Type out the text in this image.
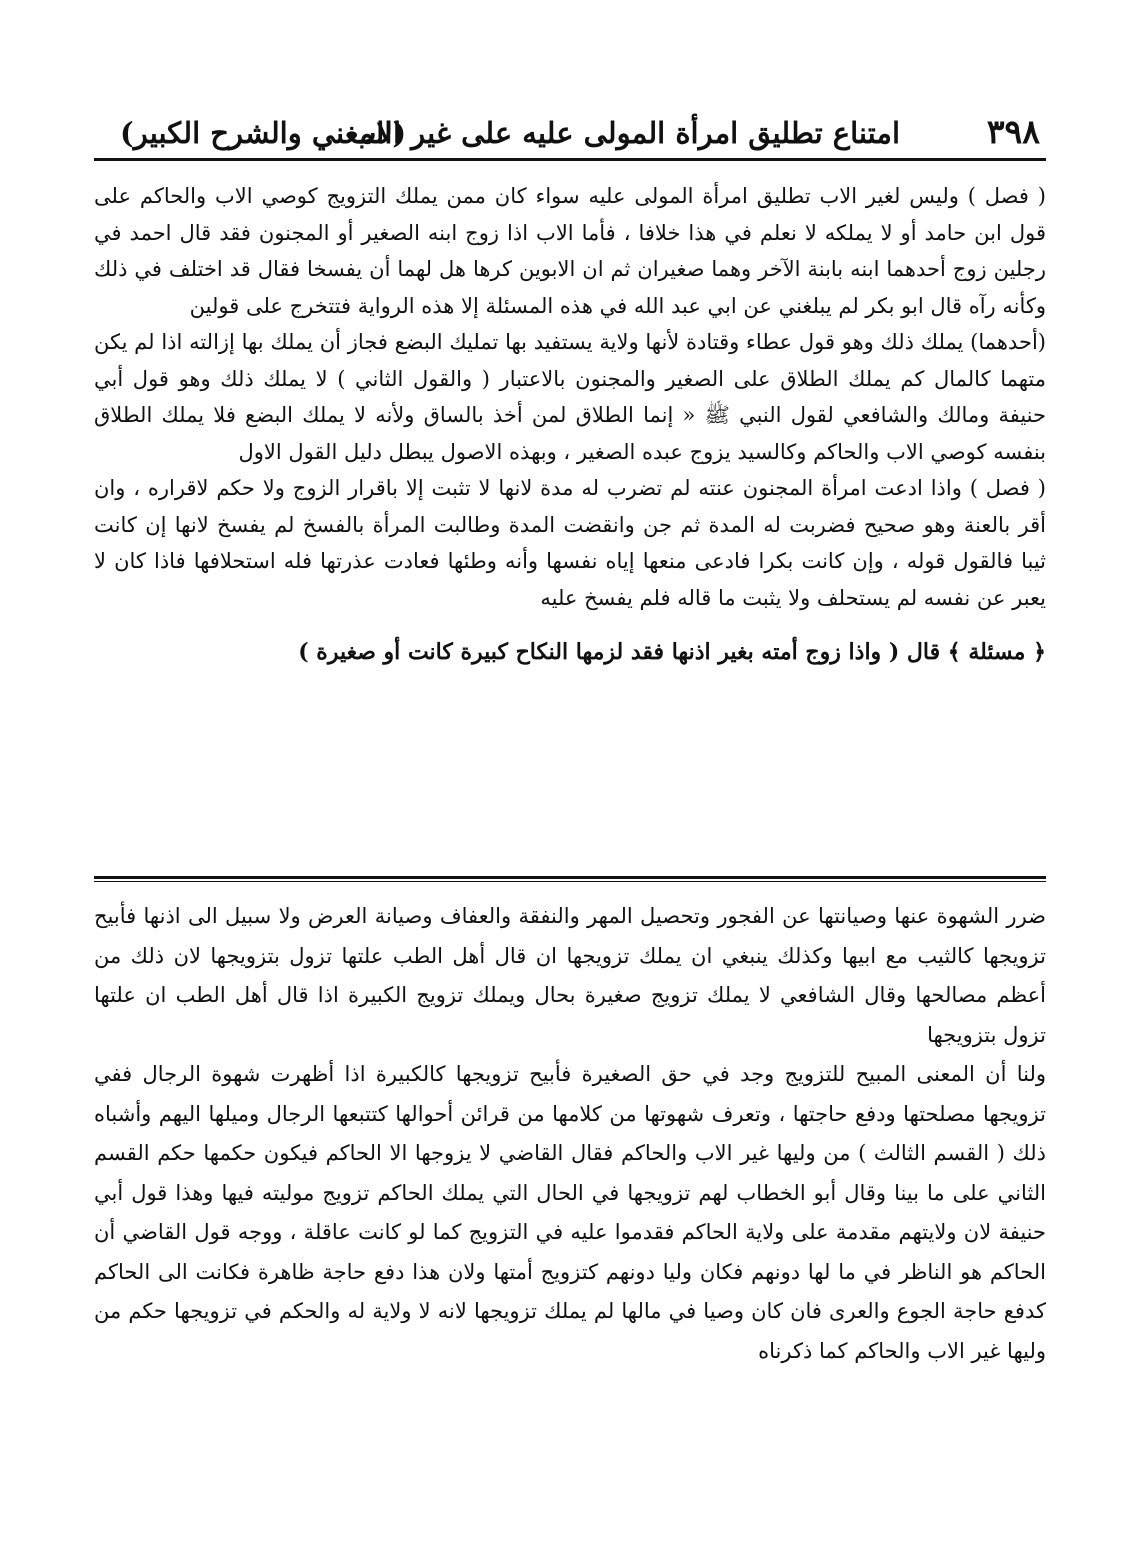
٣٩٨
امتناع تطليق امرأة المولى عليه على غير الاب
(المغني والشرح الكبير)

( فصل ) وليس لغير الاب تطليق امرأة المولى عليه سواء كان ممن يملك التزويج كوصي الاب والحاكم على قول ابن حامد أو لا يملكه لا نعلم في هذا خلافا ، فأما الاب اذا زوج ابنه الصغير أو المجنون فقد قال احمد في رجلين زوج أحدهما ابنه بابنة الآخر وهما صغيران ثم ان الابوين كرها هل لهما أن يفسخا فقال قد اختلف في ذلك وكأنه رآه قال ابو بكر لم يبلغني عن ابي عبد الله في هذه المسئلة إلا هذه الرواية فتتخرج على قولين

(أحدهما) يملك ذلك وهو قول عطاء وقتادة لأنها ولاية يستفيد بها تمليك البضع فجاز أن يملك بها إزالته اذا لم يكن متهما كالمال كم يملك الطلاق على الصغير والمجنون بالاعتبار ( والقول الثاني ) لا يملك ذلك وهو قول أبي حنيفة ومالك والشافعي لقول النبي ﷺ « إنما الطلاق لمن أخذ بالساق ولأنه لا يملك البضع فلا يملك الطلاق بنفسه كوصي الاب والحاكم وكالسيد يزوج عبده الصغير ، وبهذه الاصول يبطل دليل القول الاول

( فصل ) واذا ادعت امرأة المجنون عنته لم تضرب له مدة لانها لا تثبت إلا باقرار الزوج ولا حكم لاقراره ، وان أقر بالعنة وهو صحيح فضربت له المدة ثم جن وانقضت المدة وطالبت المرأة بالفسخ لم يفسخ لانها إن كانت ثيبا فالقول قوله ، وإن كانت بكرا فادعى منعها إياه نفسها وأنه وطئها فعادت عذرتها فله استحلافها فاذا كان لا يعبر عن نفسه لم يستحلف ولا يثبت ما قاله فلم يفسخ عليه

﴿ مسئلة ﴾ قال ( واذا زوج أمته بغير اذنها فقد لزمها النكاح كبيرة كانت أو صغيرة )

ضرر الشهوة عنها وصيانتها عن الفجور وتحصيل المهر والنفقة والعفاف وصيانة العرض ولا سبيل الى اذنها فأبيح تزويجها كالثيب مع ابيها وكذلك ينبغي ان يملك تزويجها ان قال أهل الطب علتها تزول بتزويجها لان ذلك من أعظم مصالحها وقال الشافعي لا يملك تزويج صغيرة بحال ويملك تزويج الكبيرة اذا قال أهل الطب ان علتها تزول بتزويجها

ولنا أن المعنى المبيح للتزويج وجد في حق الصغيرة فأبيح تزويجها كالكبيرة اذا أظهرت شهوة الرجال ففي تزويجها مصلحتها ودفع حاجتها ، وتعرف شهوتها من كلامها من قرائن أحوالها كتتبعها الرجال وميلها اليهم وأشباه ذلك ( القسم الثالث ) من وليها غير الاب والحاكم فقال القاضي لا يزوجها الا الحاكم فيكون حكمها حكم القسم الثاني على ما بينا وقال أبو الخطاب لهم تزويجها في الحال التي يملك الحاكم تزويج موليته فيها وهذا قول أبي حنيفة لان ولايتهم مقدمة على ولاية الحاكم فقدموا عليه في التزويج كما لو كانت عاقلة ، ووجه قول القاضي أن الحاكم هو الناظر في ما لها دونهم فكان وليا دونهم كتزويج أمتها ولان هذا دفع حاجة ظاهرة فكانت الى الحاكم كدفع حاجة الجوع والعرى فان كان وصيا في مالها لم يملك تزويجها لانه لا ولاية له والحكم في تزويجها حكم من وليها غير الاب والحاكم كما ذكرناه
